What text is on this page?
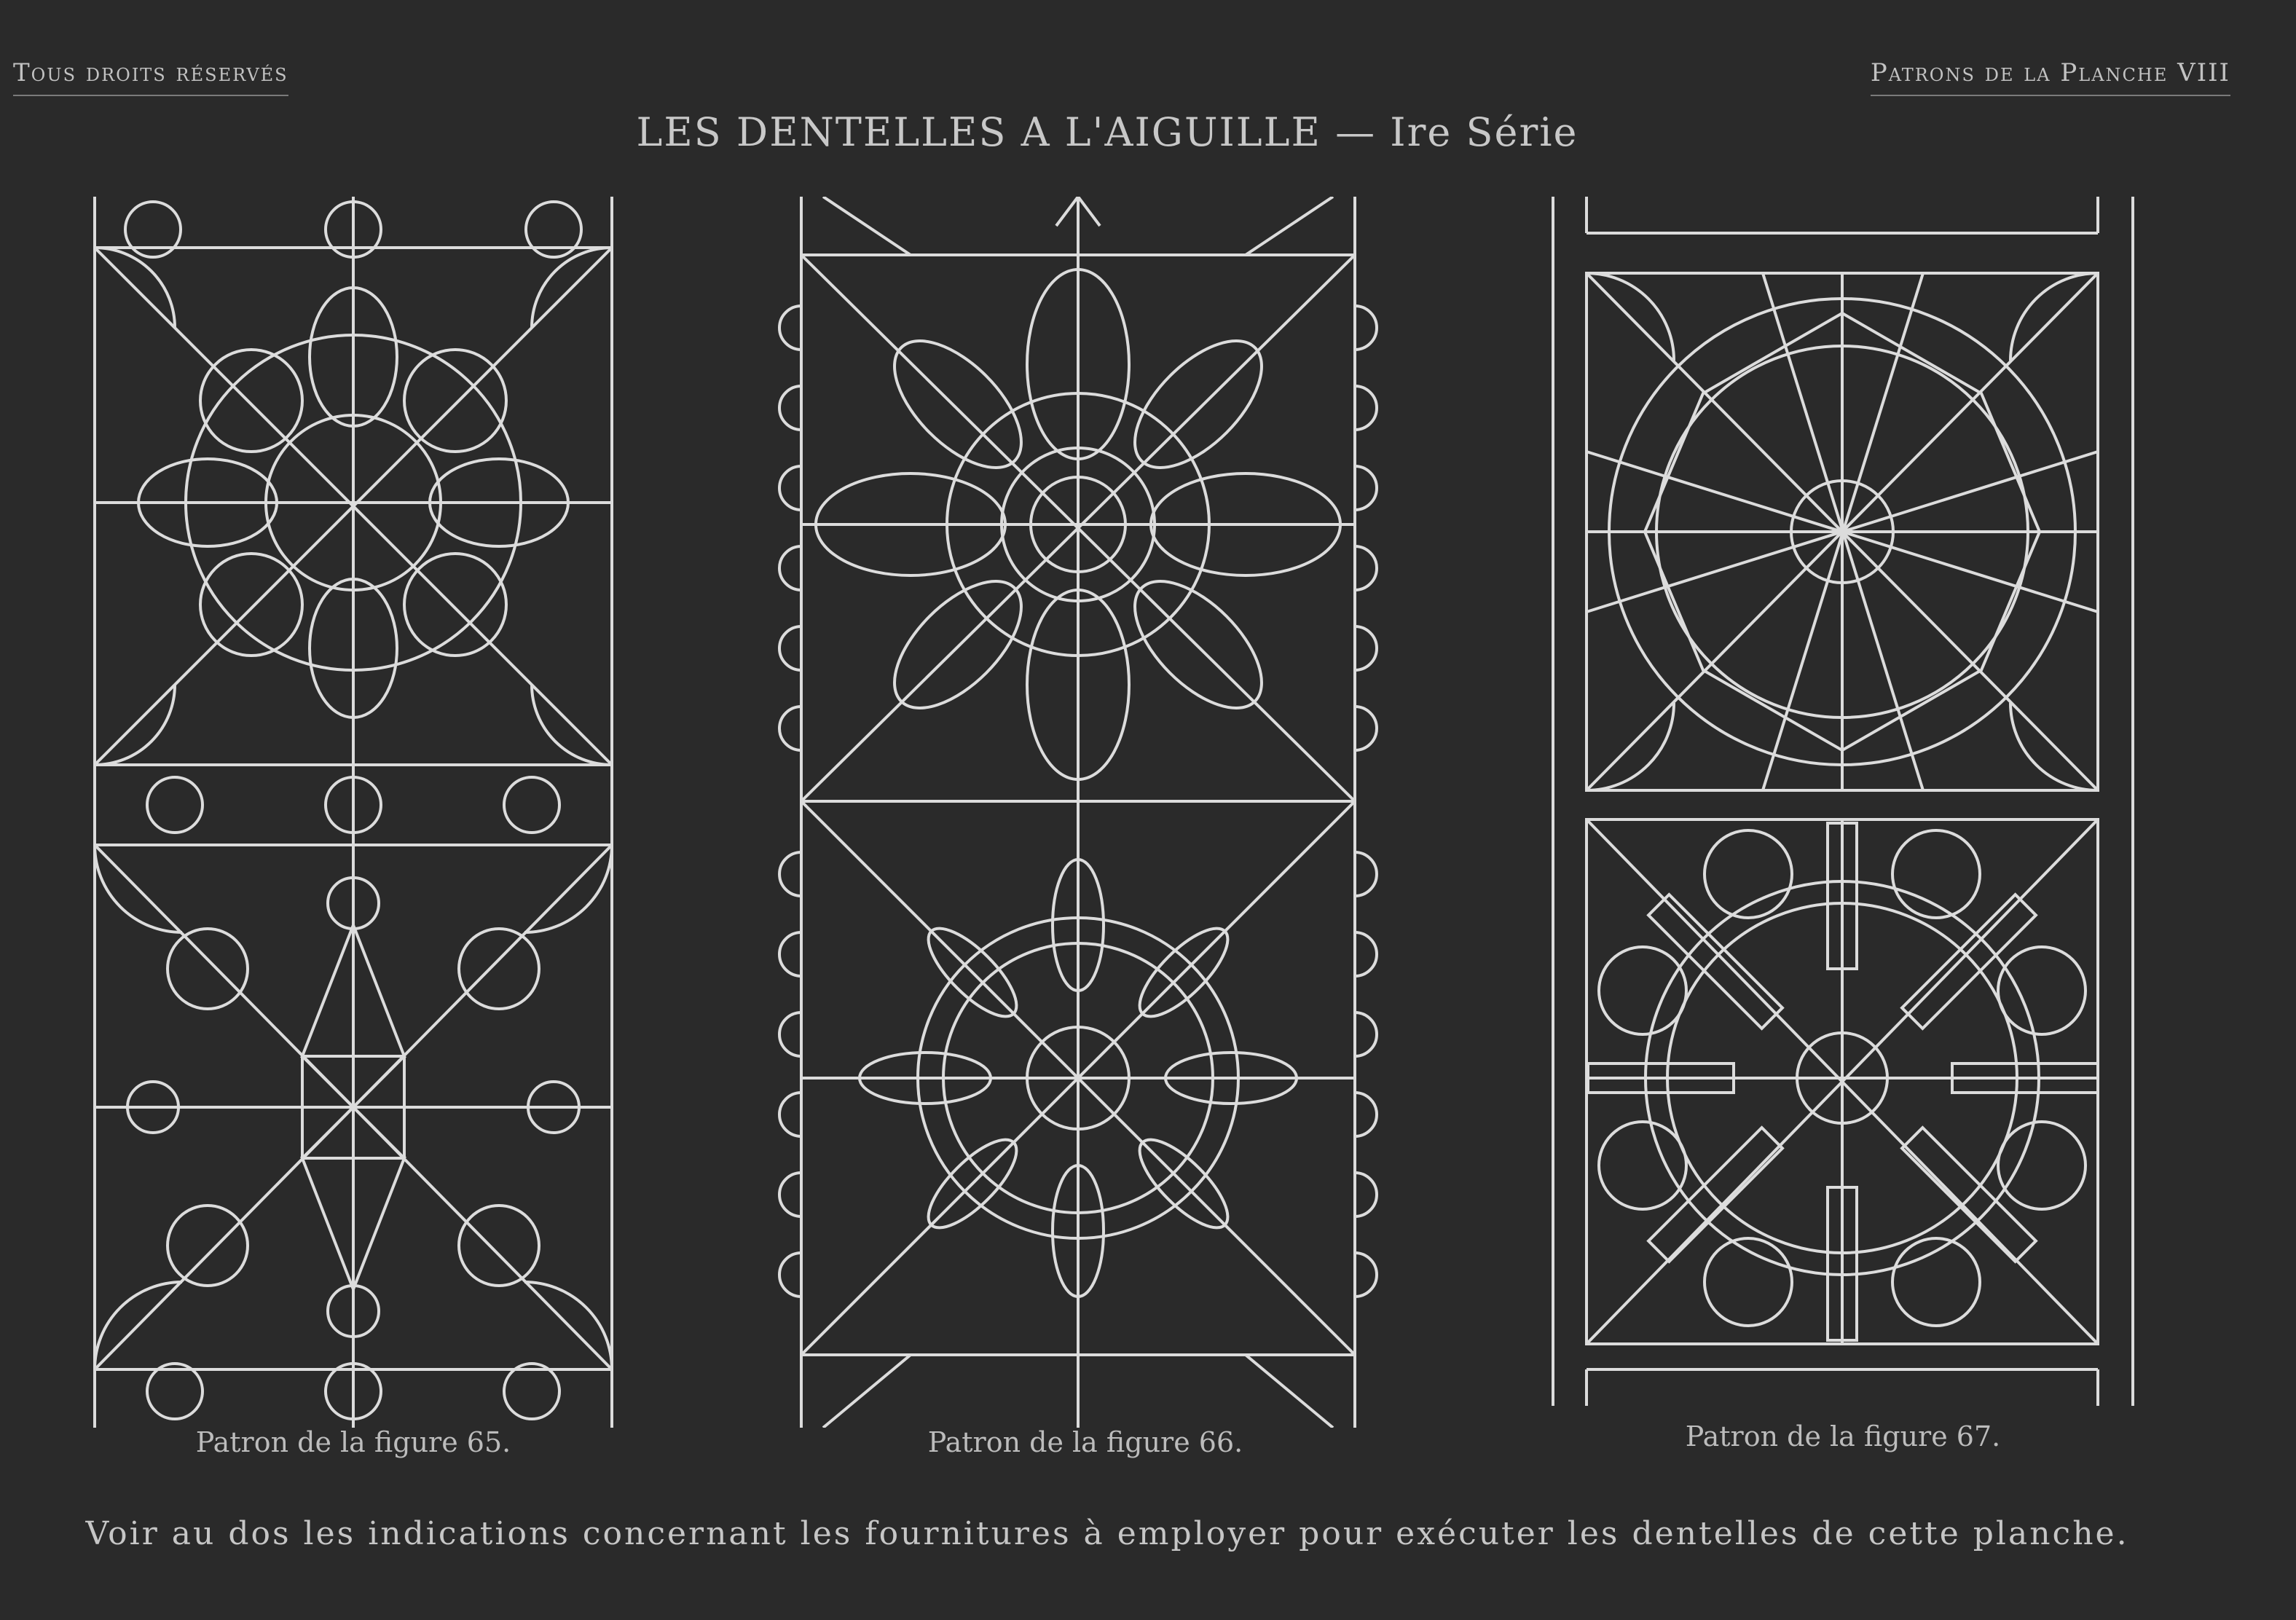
Tous droits réservés	Patrons de la Planche VIII
LES DENTELLES A L'AIGUILLE — Ire Série
Patron de la figure 65.	Patron de la figure 66.	Patron de la figure 67.
Voir au dos les indications concernant les fournitures à employer pour exécuter les dentelles de cette planche.
